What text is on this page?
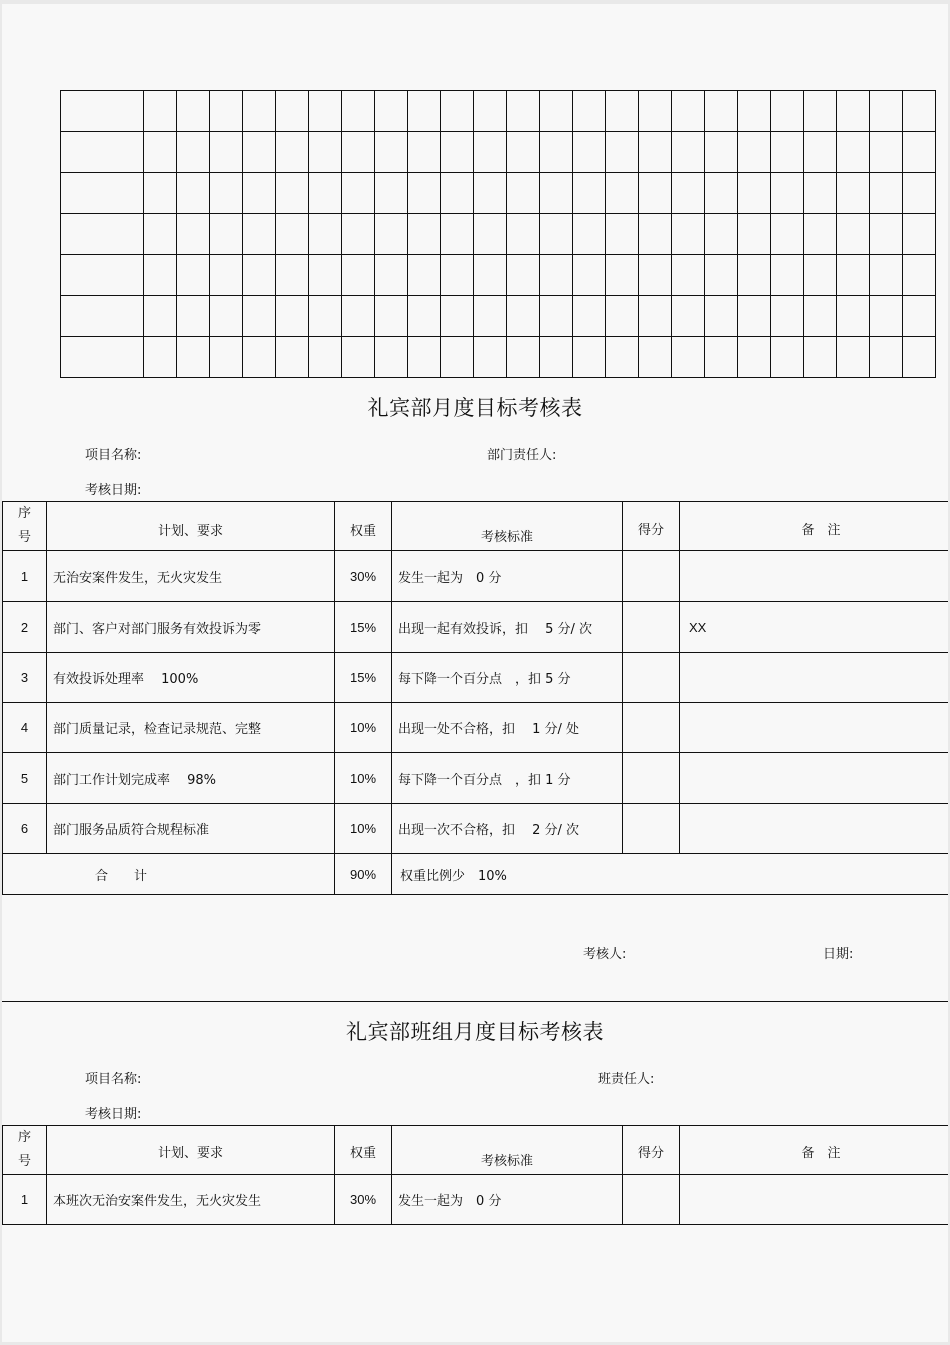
礼宾部月度目标考核表
项目名称:	部门责任人:
考核日期:
序
号	计划、要求	权重	考核标准	得分	备　注
1	无治安案件发生，无火灾发生	30%	发生一起为　0 分		
2	部门、客户对部门服务有效投诉为零	15%	出现一起有效投诉，扣　 5 分/ 次		XX
3	有效投诉处理率　 100%	15%	每下降一个百分点　，扣 5 分		
4	部门质量记录，检查记录规范、完整	10%	出现一处不合格，扣　 1 分/ 处		
5	部门工作计划完成率　 98%	10%	每下降一个百分点　，扣 1 分		
6	部门服务品质符合规程标准	10%	出现一次不合格，扣　 2 分/ 次		
合　　计		90%	权重比例少　10%		
考核人:	日期:
礼宾部班组月度目标考核表
项目名称:	班责任人:
考核日期:
序
号	计划、要求	权重	考核标准	得分	备　注
1	本班次无治安案件发生，无火灾发生	30%	发生一起为　0 分		
